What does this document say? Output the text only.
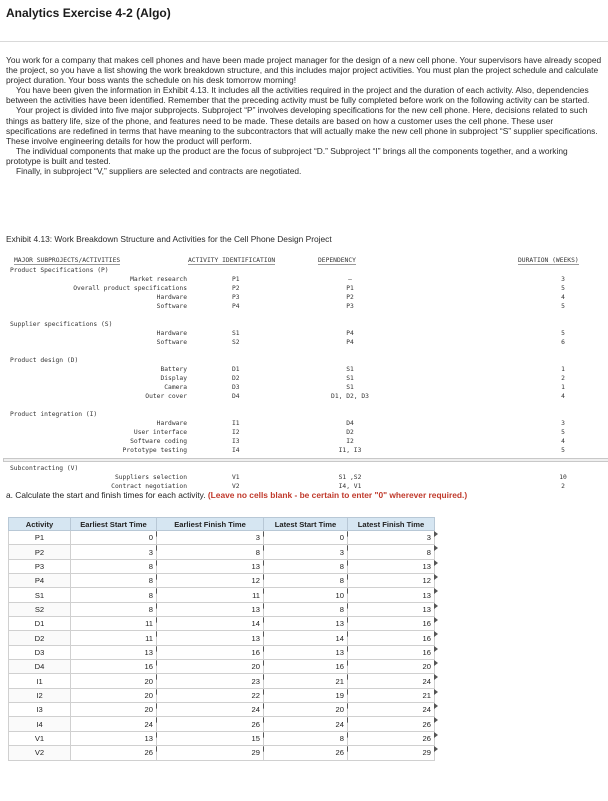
Analytics Exercise 4-2 (Algo)

You work for a company that makes cell phones and have been made project manager for the design of a new cell phone. Your supervisors have already scoped the project, so you have a list showing the work breakdown structure, and this includes major project activities. You must plan the project schedule and calculate project duration. Your boss wants the schedule on his desk tomorrow morning!

You have been given the information in Exhibit 4.13. It includes all the activities required in the project and the duration of each activity. Also, dependencies between the activities have been identified. Remember that the preceding activity must be fully completed before work on the following activity can be started.

Your project is divided into five major subprojects. Subproject “P” involves developing specifications for the new cell phone. Here, decisions related to such things as battery life, size of the phone, and features need to be made. These details are based on how a customer uses the cell phone. These user specifications are redefined in terms that have meaning to the subcontractors that will actually make the new cell phone in subproject “S” supplier specifications. These involve engineering details for how the product will perform.

The individual components that make up the product are the focus of subproject “D.” Subproject “I” brings all the components together, and a working prototype is built and tested.

Finally, in subproject “V,” suppliers are selected and contracts are negotiated.

Exhibit 4.13: Work Breakdown Structure and Activities for the Cell Phone Design Project
MAJOR SUBPROJECTS/ACTIVITIES	ACTIVITY IDENTIFICATION	DEPENDENCY	DURATION (WEEKS)
Product Specifications (P)
Market research	P1	–	3
Overall product specifications	P2	P1	5
Hardware	P3	P2	4
Software	P4	P3	5
Supplier specifications (S)
Hardware	S1	P4	5
Software	S2	P4	6
Product design (D)
Battery	D1	S1	1
Display	D2	S1	2
Camera	D3	S1	1
Outer cover	D4	D1, D2, D3	4
Product integration (I)
Hardware	I1	D4	3
User interface	I2	D2	5
Software coding	I3	I2	4
Prototype testing	I4	I1, I3	5
Subcontracting (V)
Suppliers selection	V1	S1 ,S2	10
Contract negotiation	V2	I4, V1	2
a. Calculate the start and finish times for each activity. (Leave no cells blank - be certain to enter "0" wherever required.)
Activity	Earliest Start Time	Earliest Finish Time	Latest Start Time	Latest Finish Time
P1	0	3	0	3
P2	3	8	3	8
P3	8	13	8	13
P4	8	12	8	12
S1	8	11	10	13
S2	8	13	8	13
D1	11	14	13	16
D2	11	13	14	16
D3	13	16	13	16
D4	16	20	16	20
I1	20	23	21	24
I2	20	22	19	21
I3	20	24	20	24
I4	24	26	24	26
V1	13	15	8	26
V2	26	29	26	29
